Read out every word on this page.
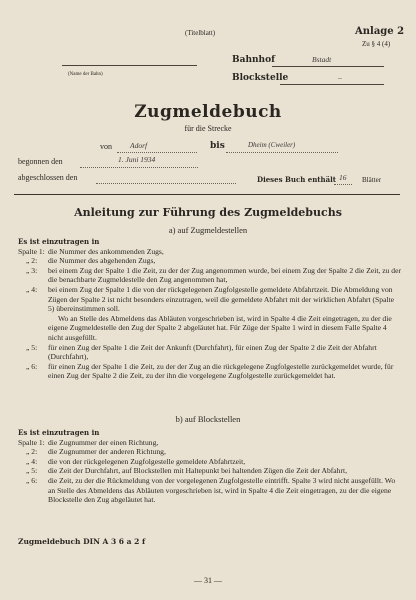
(Titelblatt)	Anlage 2
Zu § 4 (4)
(Name der Bahn)
Bahnhof	Bstadt
Blockstelle	–
Zugmeldebuch
für die Strecke
von Adorf	bis	Dheim (Cweiler)
begonnen den	1. Juni 1934
abgeschlossen den	Dieses Buch enthält 16 Blätter
Anleitung zur Führung des Zugmeldebuchs
a) auf Zugmeldestellen
Es ist einzutragen in
Spalte 1: die Nummer des ankommenden Zugs,
„ 2:	die Nummer des abgehenden Zugs,
„ 3:	bei einem Zug der Spalte 1 die Zeit, zu der der Zug angenommen wurde, bei einem Zug der Spalte 2 die Zeit, zu der die benachbarte Zugmeldestelle den Zug angenommen hat,
„ 4:	bei einem Zug der Spalte 1 die von der rückgelegenen Zugfolgestelle gemeldete Abfahrtzeit. Die Abmeldung von Zügen der Spalte 2 ist nicht besonders einzutragen, weil die gemeldete Abfahrt mit der wirklichen Abfahrt (Spalte 5) übereinstimmen soll.
Wo an Stelle des Abmeldens das Abläuten vorgeschrieben ist, wird in Spalte 4 die Zeit eingetragen, zu der die eigene Zugmeldestelle den Zug der Spalte 2 abgeläutet hat. Für Züge der Spalte 1 wird in diesem Falle Spalte 4 nicht ausgefüllt.
„ 5:	für einen Zug der Spalte 1 die Zeit der Ankunft (Durchfahrt), für einen Zug der Spalte 2 die Zeit der Abfahrt (Durchfahrt),
„ 6:	für einen Zug der Spalte 1 die Zeit, zu der der Zug an die rückgelegene Zugfolgestelle zurückgemeldet wurde, für einen Zug der Spalte 2 die Zeit, zu der ihn die vorgelegene Zugfolgestelle zurückgemeldet hat.
b) auf Blockstellen
Es ist einzutragen in
Spalte 1: die Zugnummer der einen Richtung,
„ 2:	die Zugnummer der anderen Richtung,
„ 4:	die von der rückgelegenen Zugfolgestelle gemeldete Abfahrtzeit,
„ 5:	die Zeit der Durchfahrt, auf Blockstellen mit Haltepunkt bei haltenden Zügen die Zeit der Abfahrt,
„ 6:	die Zeit, zu der die Rückmeldung von der vorgelegenen Zugfolgestelle eintrifft. Spalte 3 wird nicht ausgefüllt. Wo an Stelle des Abmeldens das Abläuten vorgeschrieben ist, wird in Spalte 4 die Zeit eingetragen, zu der die eigene Blockstelle den Zug abgeläutet hat.
Zugmeldebuch DIN A 3 6 a 2 f
— 31 —
